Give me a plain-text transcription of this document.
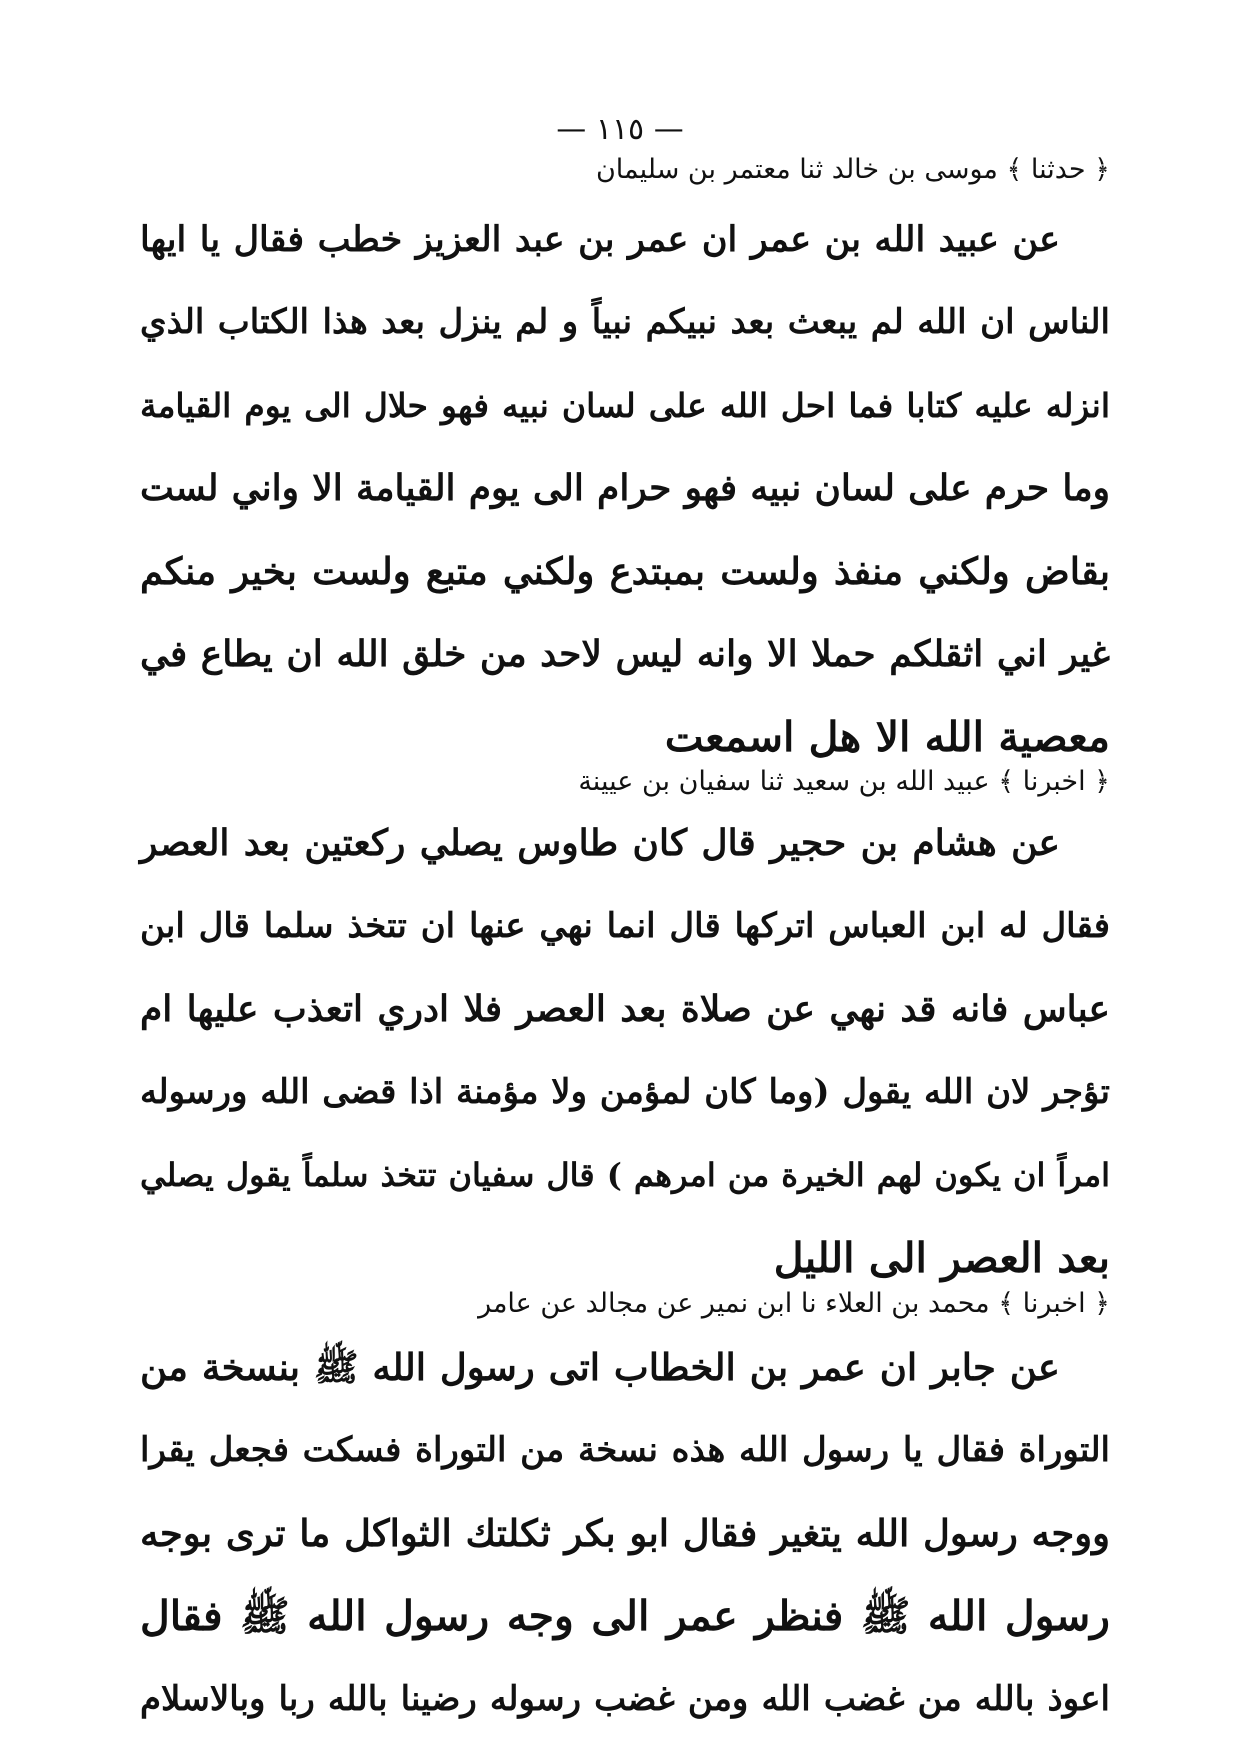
— ١١٥ —
﴿ حدثنا ﴾ موسى بن خالد ثنا معتمر بن سليمان
عن عبيد الله بن عمر ان عمر بن عبد العزيز خطب فقال يا ايها
الناس ان الله لم يبعث بعد نبيكم نبياً و لم ينزل بعد هذا الكتاب الذي
انزله عليه كتابا فما احل الله على لسان نبيه فهو حلال الى يوم القيامة
وما حرم على لسان نبيه فهو حرام الى يوم القيامة الا واني لست
بقاض ولكني منفذ ولست بمبتدع ولكني متبع ولست بخير منكم
غير اني اثقلكم حملا الا وانه ليس لاحد من خلق الله ان يطاع في
معصية الله الا هل اسمعت
﴿ اخبرنا ﴾ عبيد الله بن سعيد ثنا سفيان بن عيينة
عن هشام بن حجير قال كان طاوس يصلي ركعتين بعد العصر
فقال له ابن العباس اتركها قال انما نهي عنها ان تتخذ سلما قال ابن
عباس فانه قد نهي عن صلاة بعد العصر فلا ادري اتعذب عليها ام
تؤجر لان الله يقول (وما كان لمؤمن ولا مؤمنة اذا قضى الله ورسوله
امراً ان يكون لهم الخيرة من امرهم ) قال سفيان تتخذ سلماً يقول يصلي
بعد العصر الى الليل
﴿ اخبرنا ﴾ محمد بن العلاء نا ابن نمير عن مجالد عن عامر
عن جابر ان عمر بن الخطاب اتى رسول الله ﷺ بنسخة من
التوراة فقال يا رسول الله هذه نسخة من التوراة فسكت فجعل يقرا
ووجه رسول الله يتغير فقال ابو بكر ثكلتك الثواكل ما ترى بوجه
رسول الله ﷺ فنظر عمر الى وجه رسول الله ﷺ فقال
اعوذ بالله من غضب الله ومن غضب رسوله رضينا بالله ربا وبالاسلام
